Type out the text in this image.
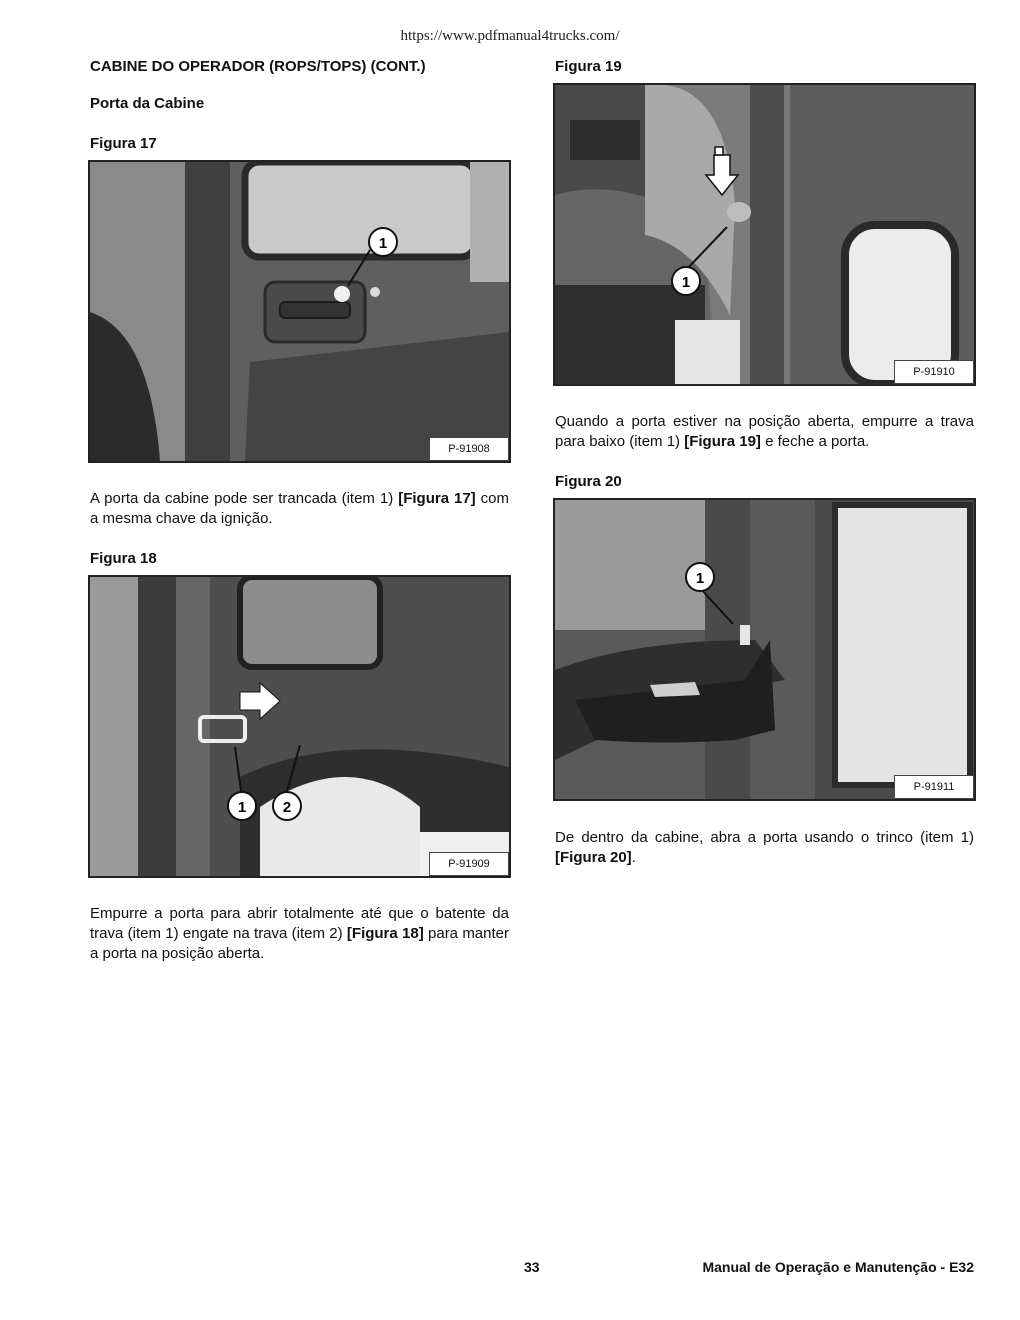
https://www.pdfmanual4trucks.com/
CABINE DO OPERADOR (ROPS/TOPS) (CONT.)
Porta da Cabine
Figura 17
1
P-91908
A porta da cabine pode ser trancada (item 1) [Figura 17] com a mesma chave da ignição.
Figura 18
1 2
P-91909
Empurre a porta para abrir totalmente até que o batente da trava (item 1) engate na trava (item 2) [Figura 18] para manter a porta na posição aberta.
Figura 19
1
P-91910
Quando a porta estiver na posição aberta, empurre a trava para baixo (item 1) [Figura 19] e feche a porta.
Figura 20
1
P-91911
De dentro da cabine, abra a porta usando o trinco (item 1) [Figura 20].
33	Manual de Operação e Manutenção - E32
